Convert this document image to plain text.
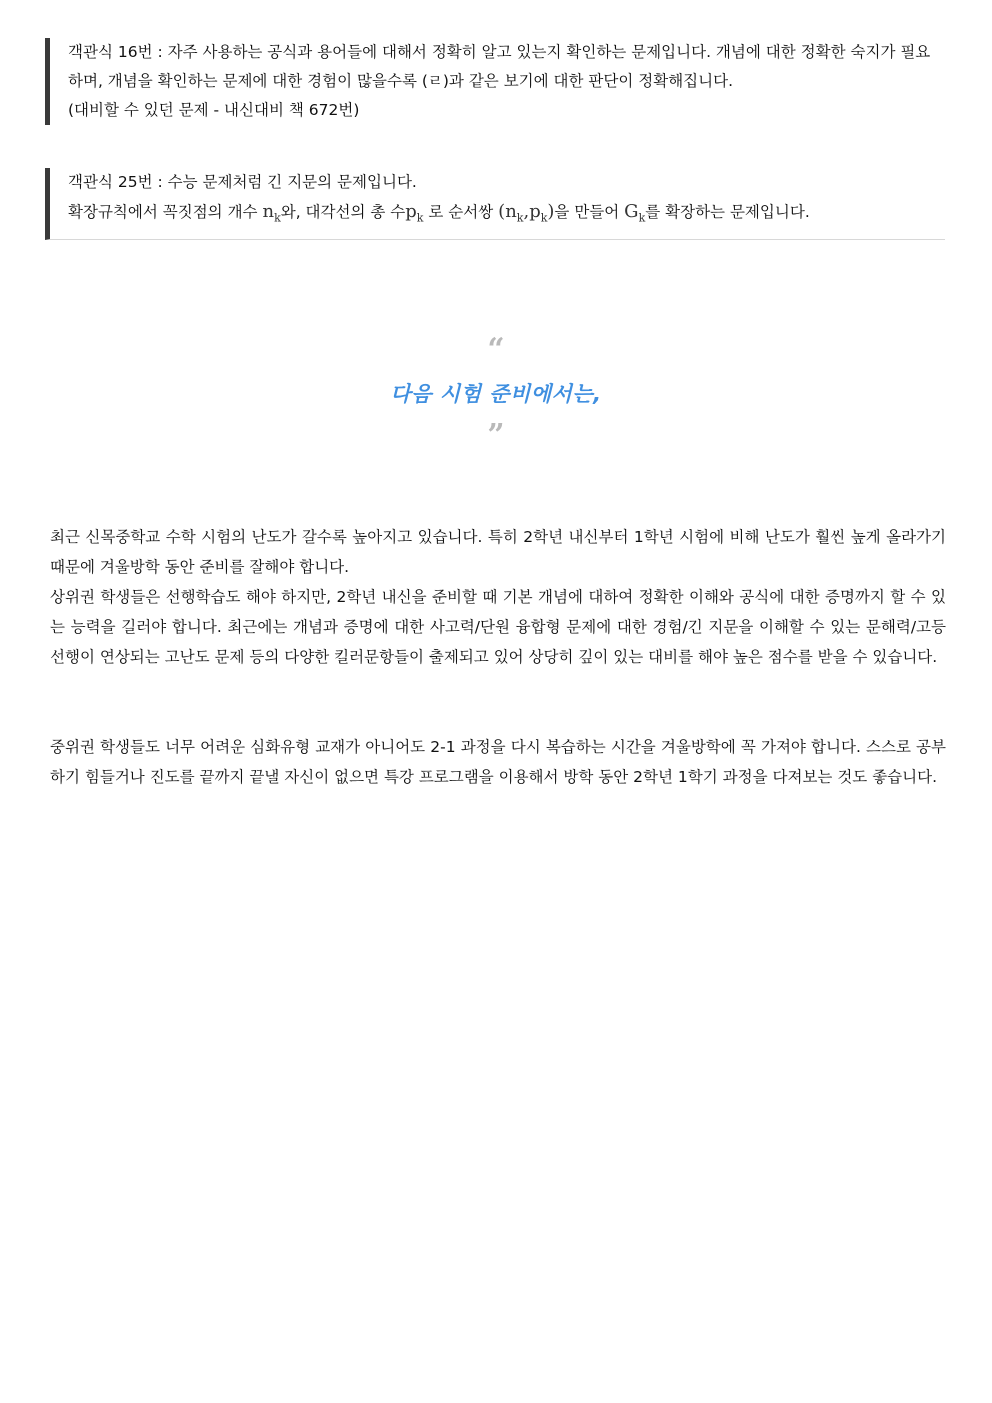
객관식 16번 : 자주 사용하는 공식과 용어들에 대해서 정확히 알고 있는지 확인하는 문제입니다. 개념에 대한 정확한 숙지가 필요하며, 개념을 확인하는 문제에 대한 경험이 많을수록 (ㄹ)과 같은 보기에 대한 판단이 정확해집니다.
(대비할 수 있던 문제 - 내신대비 책 672번)
객관식 25번 : 수능 문제처럼 긴 지문의 문제입니다.
확장규칙에서 꼭짓점의 개수 $n_k$와, 대각선의 총 수$p_k$ 로 순서쌍 $(n_k,p_k)$을 만들어 $G_k$를 확장하는 문제입니다.
“
다음 시험 준비에서는,
”
최근 신목중학교 수학 시험의 난도가 갈수록 높아지고 있습니다. 특히 2학년 내신부터 1학년 시험에 비해 난도가 훨씬 높게 올라가기 때문에 겨울방학 동안 준비를 잘해야 합니다.
상위권 학생들은 선행학습도 해야 하지만, 2학년 내신을 준비할 때 기본 개념에 대하여 정확한 이해와 공식에 대한 증명까지 할 수 있는 능력을 길러야 합니다. 최근에는 개념과 증명에 대한 사고력/단원 융합형 문제에 대한 경험/긴 지문을 이해할 수 있는 문해력/고등 선행이 연상되는 고난도 문제 등의 다양한 킬러문항들이 출제되고 있어 상당히 깊이 있는 대비를 해야 높은 점수를 받을 수 있습니다.
중위권 학생들도 너무 어려운 심화유형 교재가 아니어도 2-1 과정을 다시 복습하는 시간을 겨울방학에 꼭 가져야 합니다. 스스로 공부하기 힘들거나 진도를 끝까지 끝낼 자신이 없으면 특강 프로그램을 이용해서 방학 동안 2학년 1학기 과정을 다져보는 것도 좋습니다.
